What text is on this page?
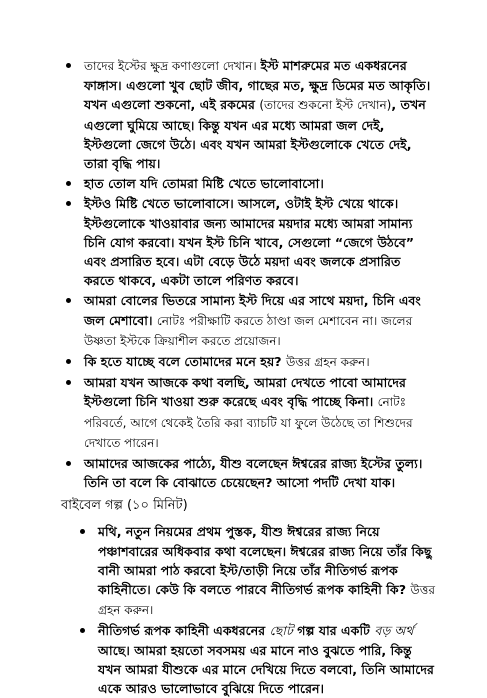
তাদের ইস্টের ক্ষুদ্র কণাগুলো দেখান। ইস্ট মাশরুমের মত একধরনের ফাঙ্গাস। এগুলো খুব ছোট জীব, গাছের মত, ক্ষুদ্র ডিমের মত আকৃতি। যখন এগুলো শুকনো, এই রকমের (তাদের শুকনো ইস্ট দেখান), তখন এগুলো ঘুমিয়ে আছে। কিন্তু যখন এর মধ্যে আমরা জল দেই, ইস্টগুলো জেগে উঠে। এবং যখন আমরা ইস্টগুলোকে খেতে দেই, তারা বৃদ্ধি পায়।
হাত তোল যদি তোমরা মিষ্টি খেতে ভালোবাসো।
ইস্টও মিষ্টি খেতে ভালোবাসে। আসলে, ওটাই ইস্ট খেয়ে থাকে। ইস্টগুলোকে খাওয়াবার জন্য আমাদের ময়দার মধ্যে আমরা সামান্য চিনি যোগ করবো। যখন ইস্ট চিনি খাবে, সেগুলো “জেগে উঠবে” এবং প্রসারিত হবে। এটা বেড়ে উঠে ময়দা এবং জলকে প্রসারিত করতে থাকবে, একটা তালে পরিণত করবে।
আমরা বোলের ভিতরে সামান্য ইস্ট দিয়ে এর সাথে ময়দা, চিনি এবং জল মেশাবো। নোটঃ পরীক্ষাটি করতে ঠাণ্ডা জল মেশাবেন না। জলের উষ্ণতা ইস্টকে ক্রিয়াশীল করতে প্রয়োজন।
কি হতে যাচ্ছে বলে তোমাদের মনে হয়? উত্তর গ্রহন করুন।
আমরা যখন আজকে কথা বলছি, আমরা দেখতে পাবো আমাদের ইস্টগুলো চিনি খাওয়া শুরু করেছে এবং বৃদ্ধি পাচ্ছে কিনা। নোটঃ পরিবর্তে, আগে থেকেই তৈরি করা ব্যাচটি যা ফুলে উঠেছে তা শিশুদের দেখাতে পারেন।
আমাদের আজকের পাঠ্যে, যীশু বলেছেন ঈশ্বরের রাজ্য ইস্টের তুল্য। তিনি তা বলে কি বোঝাতে চেয়েছেন? আসো পদটি দেখা যাক।
বাইবেল গল্প (১০ মিনিট)
মথি, নতুন নিয়মের প্রথম পুস্তক, যীশু ঈশ্বরের রাজ্য নিয়ে পঞ্চাশবারের অধিকবার কথা বলেছেন। ঈশ্বরের রাজ্য নিয়ে তাঁর কিছু বানী আমরা পাঠ করবো ইস্ট/তাড়ী নিয়ে তাঁর নীতিগর্ভ রূপক কাহিনীতে। কেউ কি বলতে পারবে নীতিগর্ভ রূপক কাহিনী কি? উত্তর গ্রহন করুন।
নীতিগর্ভ রূপক কাহিনী একধরনের ছোট গল্প যার একটি বড় অর্থ আছে। আমরা হয়তো সবসময় এর মানে নাও বুঝতে পারি, কিন্তু যখন আমরা যীশুকে এর মানে দেখিয়ে দিতে বলবো, তিনি আমাদের একে আরও ভালোভাবে বুঝিয়ে দিতে পারেন।
